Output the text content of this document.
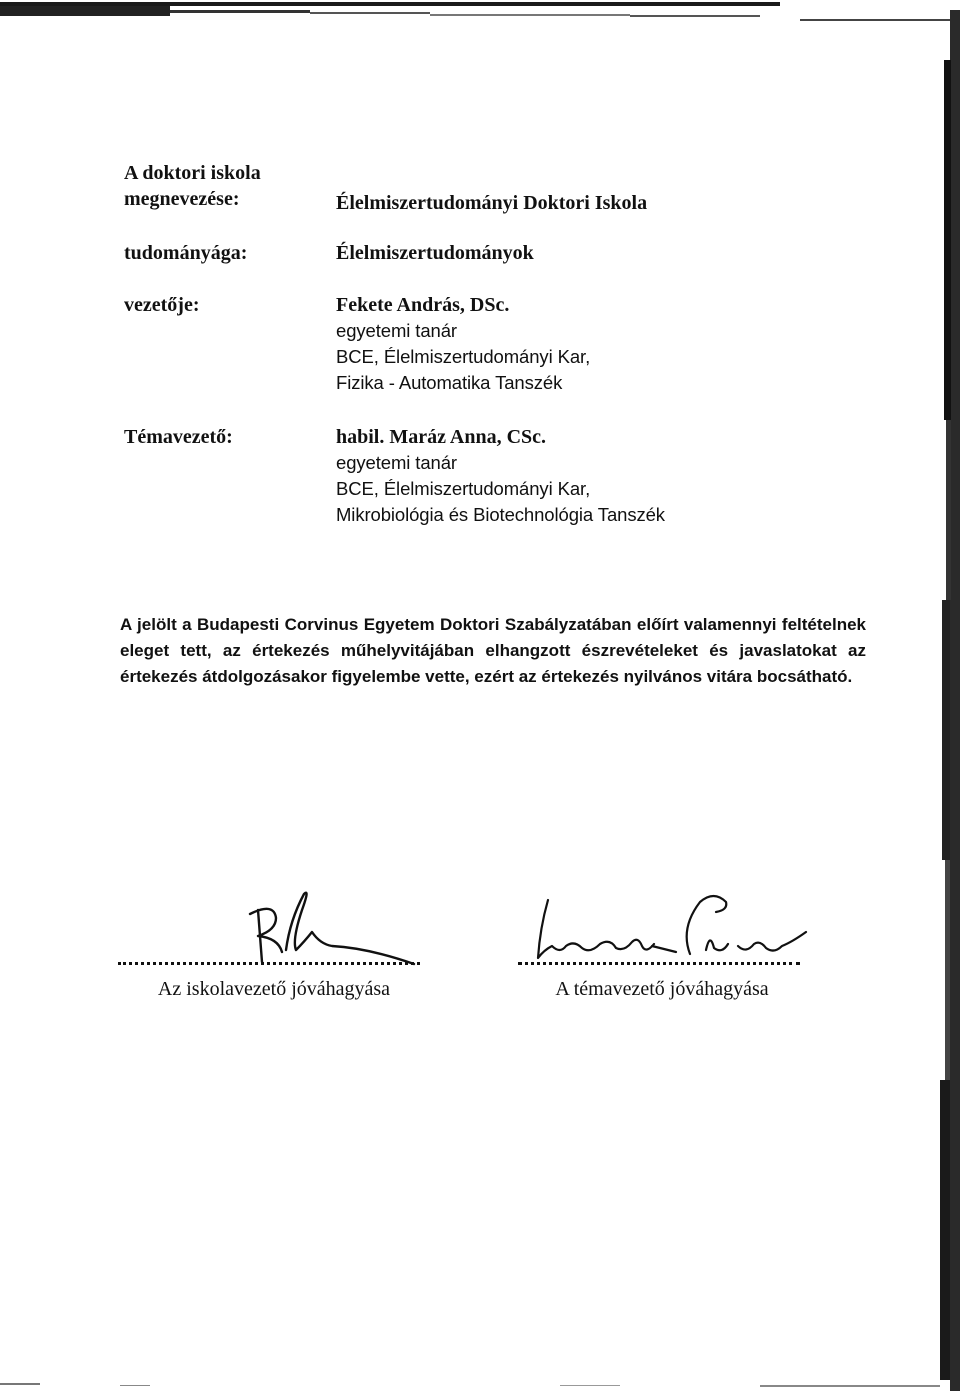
A doktori iskola
megnevezése:	Élelmiszertudományi Doktori Iskola
tudományága:	Élelmiszertudományok
vezetője:	Fekete András, DSc.
egyetemi tanár
BCE, Élelmiszertudományi Kar,
Fizika - Automatika Tanszék
Témavezető:	habil. Maráz Anna, CSc.
egyetemi tanár
BCE, Élelmiszertudományi Kar,
Mikrobiológia és Biotechnológia Tanszék

A jelölt a Budapesti Corvinus Egyetem Doktori Szabályzatában előírt valamennyi feltételnek eleget tett, az értekezés műhelyvitájában elhangzott észrevételeket és javaslatokat az értekezés átdolgozásakor figyelembe vette, ezért az értekezés nyilvános vitára bocsátható.

Az iskolavezető jóváhagyása	A témavezető jóváhagyása
